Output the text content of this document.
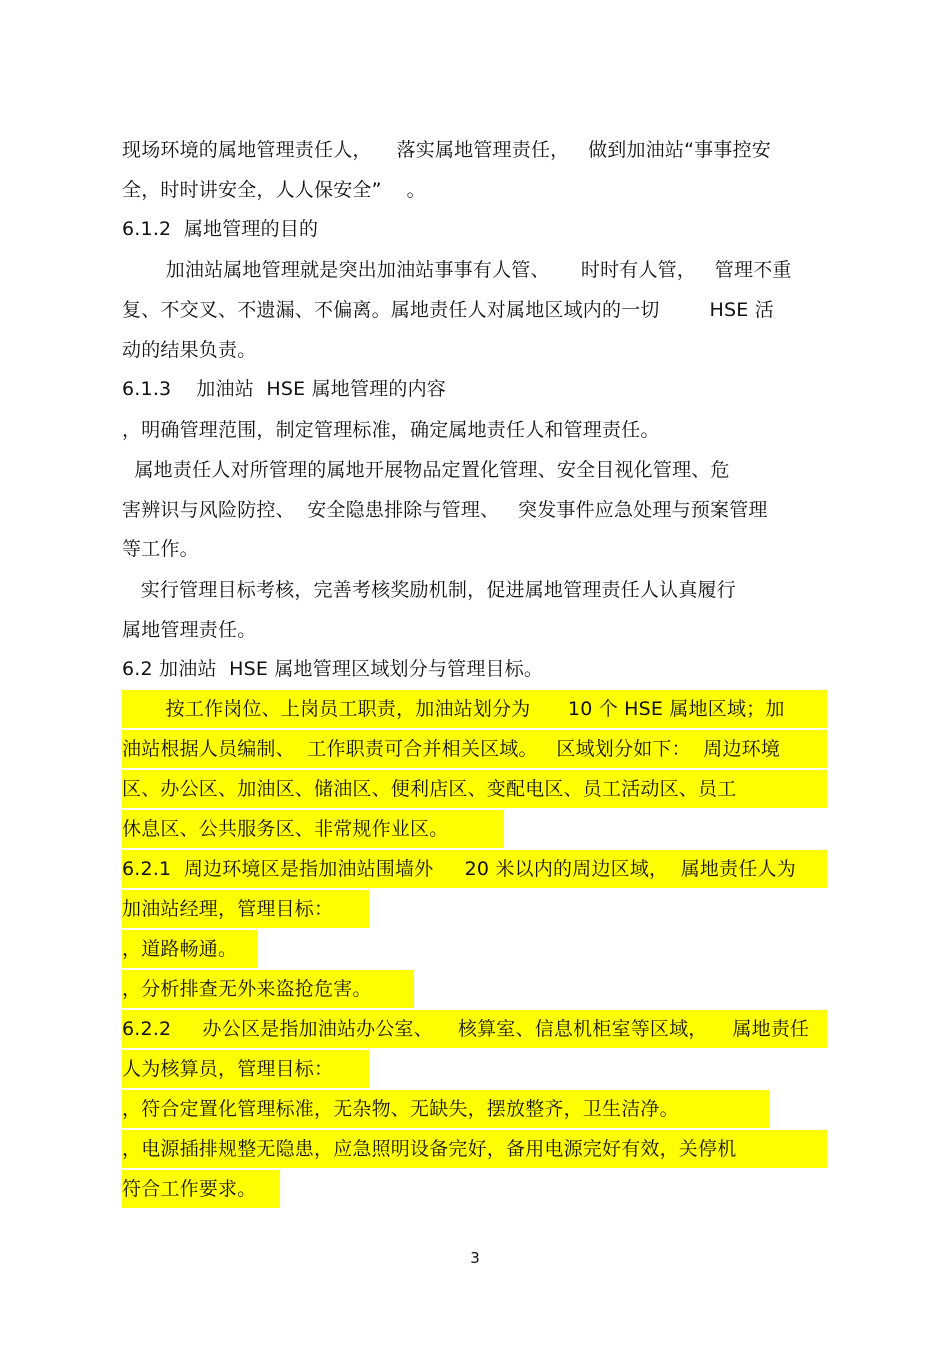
现场环境的属地管理责任人，    落实属地管理责任，   做到加油站“事事控安
全，时时讲安全，人人保安全”    。
6.1.2  属地管理的目的
加油站属地管理就是突出加油站事事有人管、     时时有人管，   管理不重
复、不交叉、不遗漏、不偏离。属地责任人对属地区域内的一切        HSE 活
动的结果负责。
6.1.3    加油站  HSE 属地管理的内容
，明确管理范围，制定管理标准，确定属地责任人和管理责任。
属地责任人对所管理的属地开展物品定置化管理、安全目视化管理、危
害辨识与风险防控、  安全隐患排除与管理、   突发事件应急处理与预案管理
等工作。
实行管理目标考核，完善考核奖励机制，促进属地管理责任人认真履行
属地管理责任。
6.2 加油站  HSE 属地管理区域划分与管理目标。
按工作岗位、上岗员工职责，加油站划分为      10 个 HSE 属地区域；加
油站根据人员编制、  工作职责可合并相关区域。   区域划分如下：  周边环境
区、办公区、加油区、储油区、便利店区、变配电区、员工活动区、员工
休息区、公共服务区、非常规作业区。
6.2.1  周边环境区是指加油站围墙外     20 米以内的周边区域，  属地责任人为
加油站经理，管理目标：
，道路畅通。
，分析排查无外来盗抢危害。
6.2.2     办公区是指加油站办公室、    核算室、信息机柜室等区域，    属地责任
人为核算员，管理目标：
，符合定置化管理标准，无杂物、无缺失，摆放整齐，卫生洁净。
，电源插排规整无隐患，应急照明设备完好，备用电源完好有效，关停机
符合工作要求。
3
